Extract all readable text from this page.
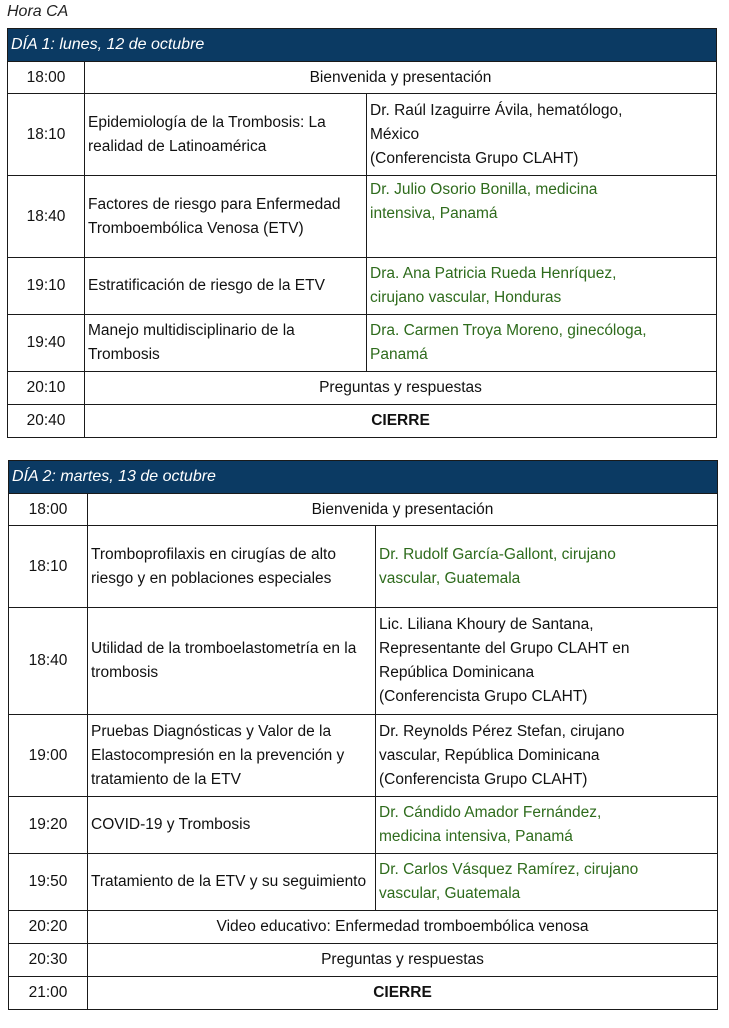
Hora CA
DÍA 1: lunes, 12 de octubre		
18:00	Bienvenida y presentación	
18:10	Epidemiología de la Trombosis: La realidad de Latinoamérica	Dr. Raúl Izaguirre Ávila, hematólogo,
México
(Conferencista Grupo CLAHT)

18:40	Factores de riesgo para Enfermedad Tromboembólica Venosa (ETV)	Dr. Julio Osorio Bonilla, medicina
intensiva, Panamá

19:10	Estratificación de riesgo de la ETV	Dra. Ana Patricia Rueda Henríquez,
cirujano vascular, Honduras

19:40	Manejo multidisciplinario de la Trombosis	Dra. Carmen Troya Moreno, ginecóloga,
Panamá

20:10	Preguntas y respuestas	
20:40	CIERRE	
DÍA 2: martes, 13 de octubre		
18:00	Bienvenida y presentación	
18:10	Tromboprofilaxis en cirugías de alto riesgo y en poblaciones especiales	Dr. Rudolf García-Gallont, cirujano
vascular, Guatemala

18:40	Utilidad de la tromboelastometría en la trombosis	Lic. Liliana Khoury de Santana,
Representante del Grupo CLAHT en
República Dominicana
(Conferencista Grupo CLAHT)

19:00	Pruebas Diagnósticas y Valor de la Elastocompresión en la prevención y tratamiento de la ETV	Dr. Reynolds Pérez Stefan, cirujano
vascular, República Dominicana
(Conferencista Grupo CLAHT)

19:20	COVID-19 y Trombosis	Dr. Cándido Amador Fernández,
medicina intensiva, Panamá

19:50	Tratamiento de la ETV y su seguimiento	Dr. Carlos Vásquez Ramírez, cirujano
vascular, Guatemala

20:20	Video educativo: Enfermedad tromboembólica venosa	
20:30	Preguntas y respuestas	
21:00	CIERRE	
